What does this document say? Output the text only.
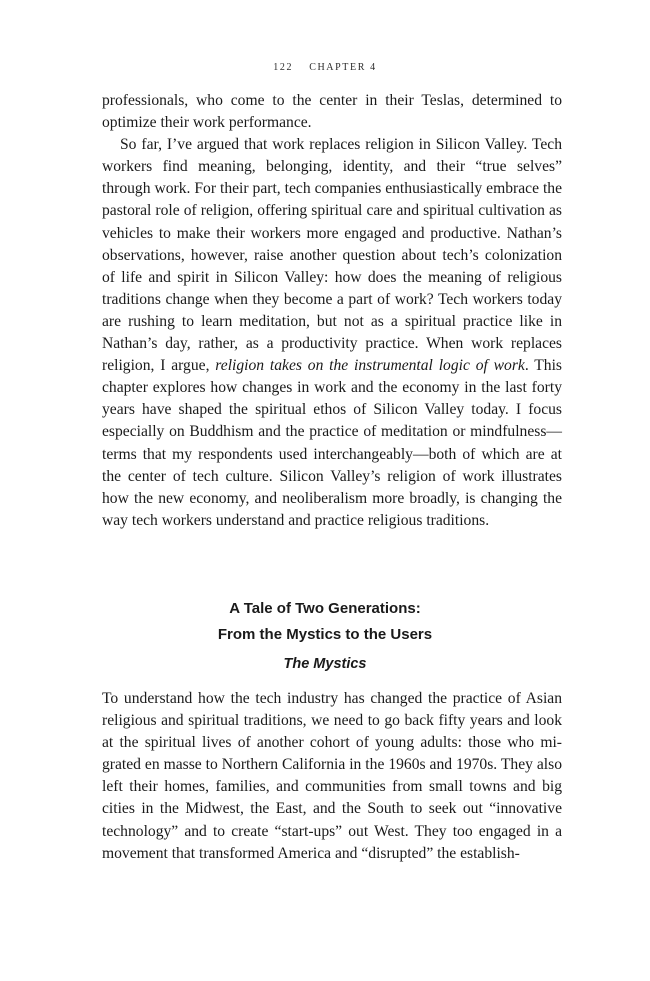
122 CHAPTER 4

professionals, who come to the center in their Teslas, determined to optimize their work performance.

So far, I’ve argued that work replaces religion in Silicon Valley. Tech workers find meaning, belonging, identity, and their “true selves” through work. For their part, tech companies enthusiastically embrace the pastoral role of religion, offering spiritual care and spiritual cultivation as vehicles to make their workers more engaged and productive. Nathan’s observations, however, raise another question about tech’s colonization of life and spirit in Silicon Valley: how does the meaning of religious traditions change when they become a part of work? Tech workers today are rushing to learn meditation, but not as a spiritual practice like in Nathan’s day, rather, as a productivity practice. When work replaces religion, I argue, religion takes on the instrumental logic of work. This chapter explores how changes in work and the economy in the last forty years have shaped the spiritual ethos of Silicon Valley today. I focus especially on Buddhism and the practice of meditation or mindfulness—terms that my respondents used interchangeably—both of which are at the center of tech culture. Silicon Valley’s religion of work illustrates how the new economy, and neoliberalism more broadly, is changing the way tech workers understand and practice religious traditions.

A Tale of Two Generations:
From the Mystics to the Users
The Mystics

To understand how the tech industry has changed the practice of Asian religious and spiritual traditions, we need to go back fifty years and look at the spiritual lives of another cohort of young adults: those who migrated en masse to Northern California in the 1960s and 1970s. They also left their homes, families, and communities from small towns and big cities in the Midwest, the East, and the South to seek out “innovative technology” and to create “start-ups” out West. They too engaged in a movement that transformed America and “disrupted” the establish-
